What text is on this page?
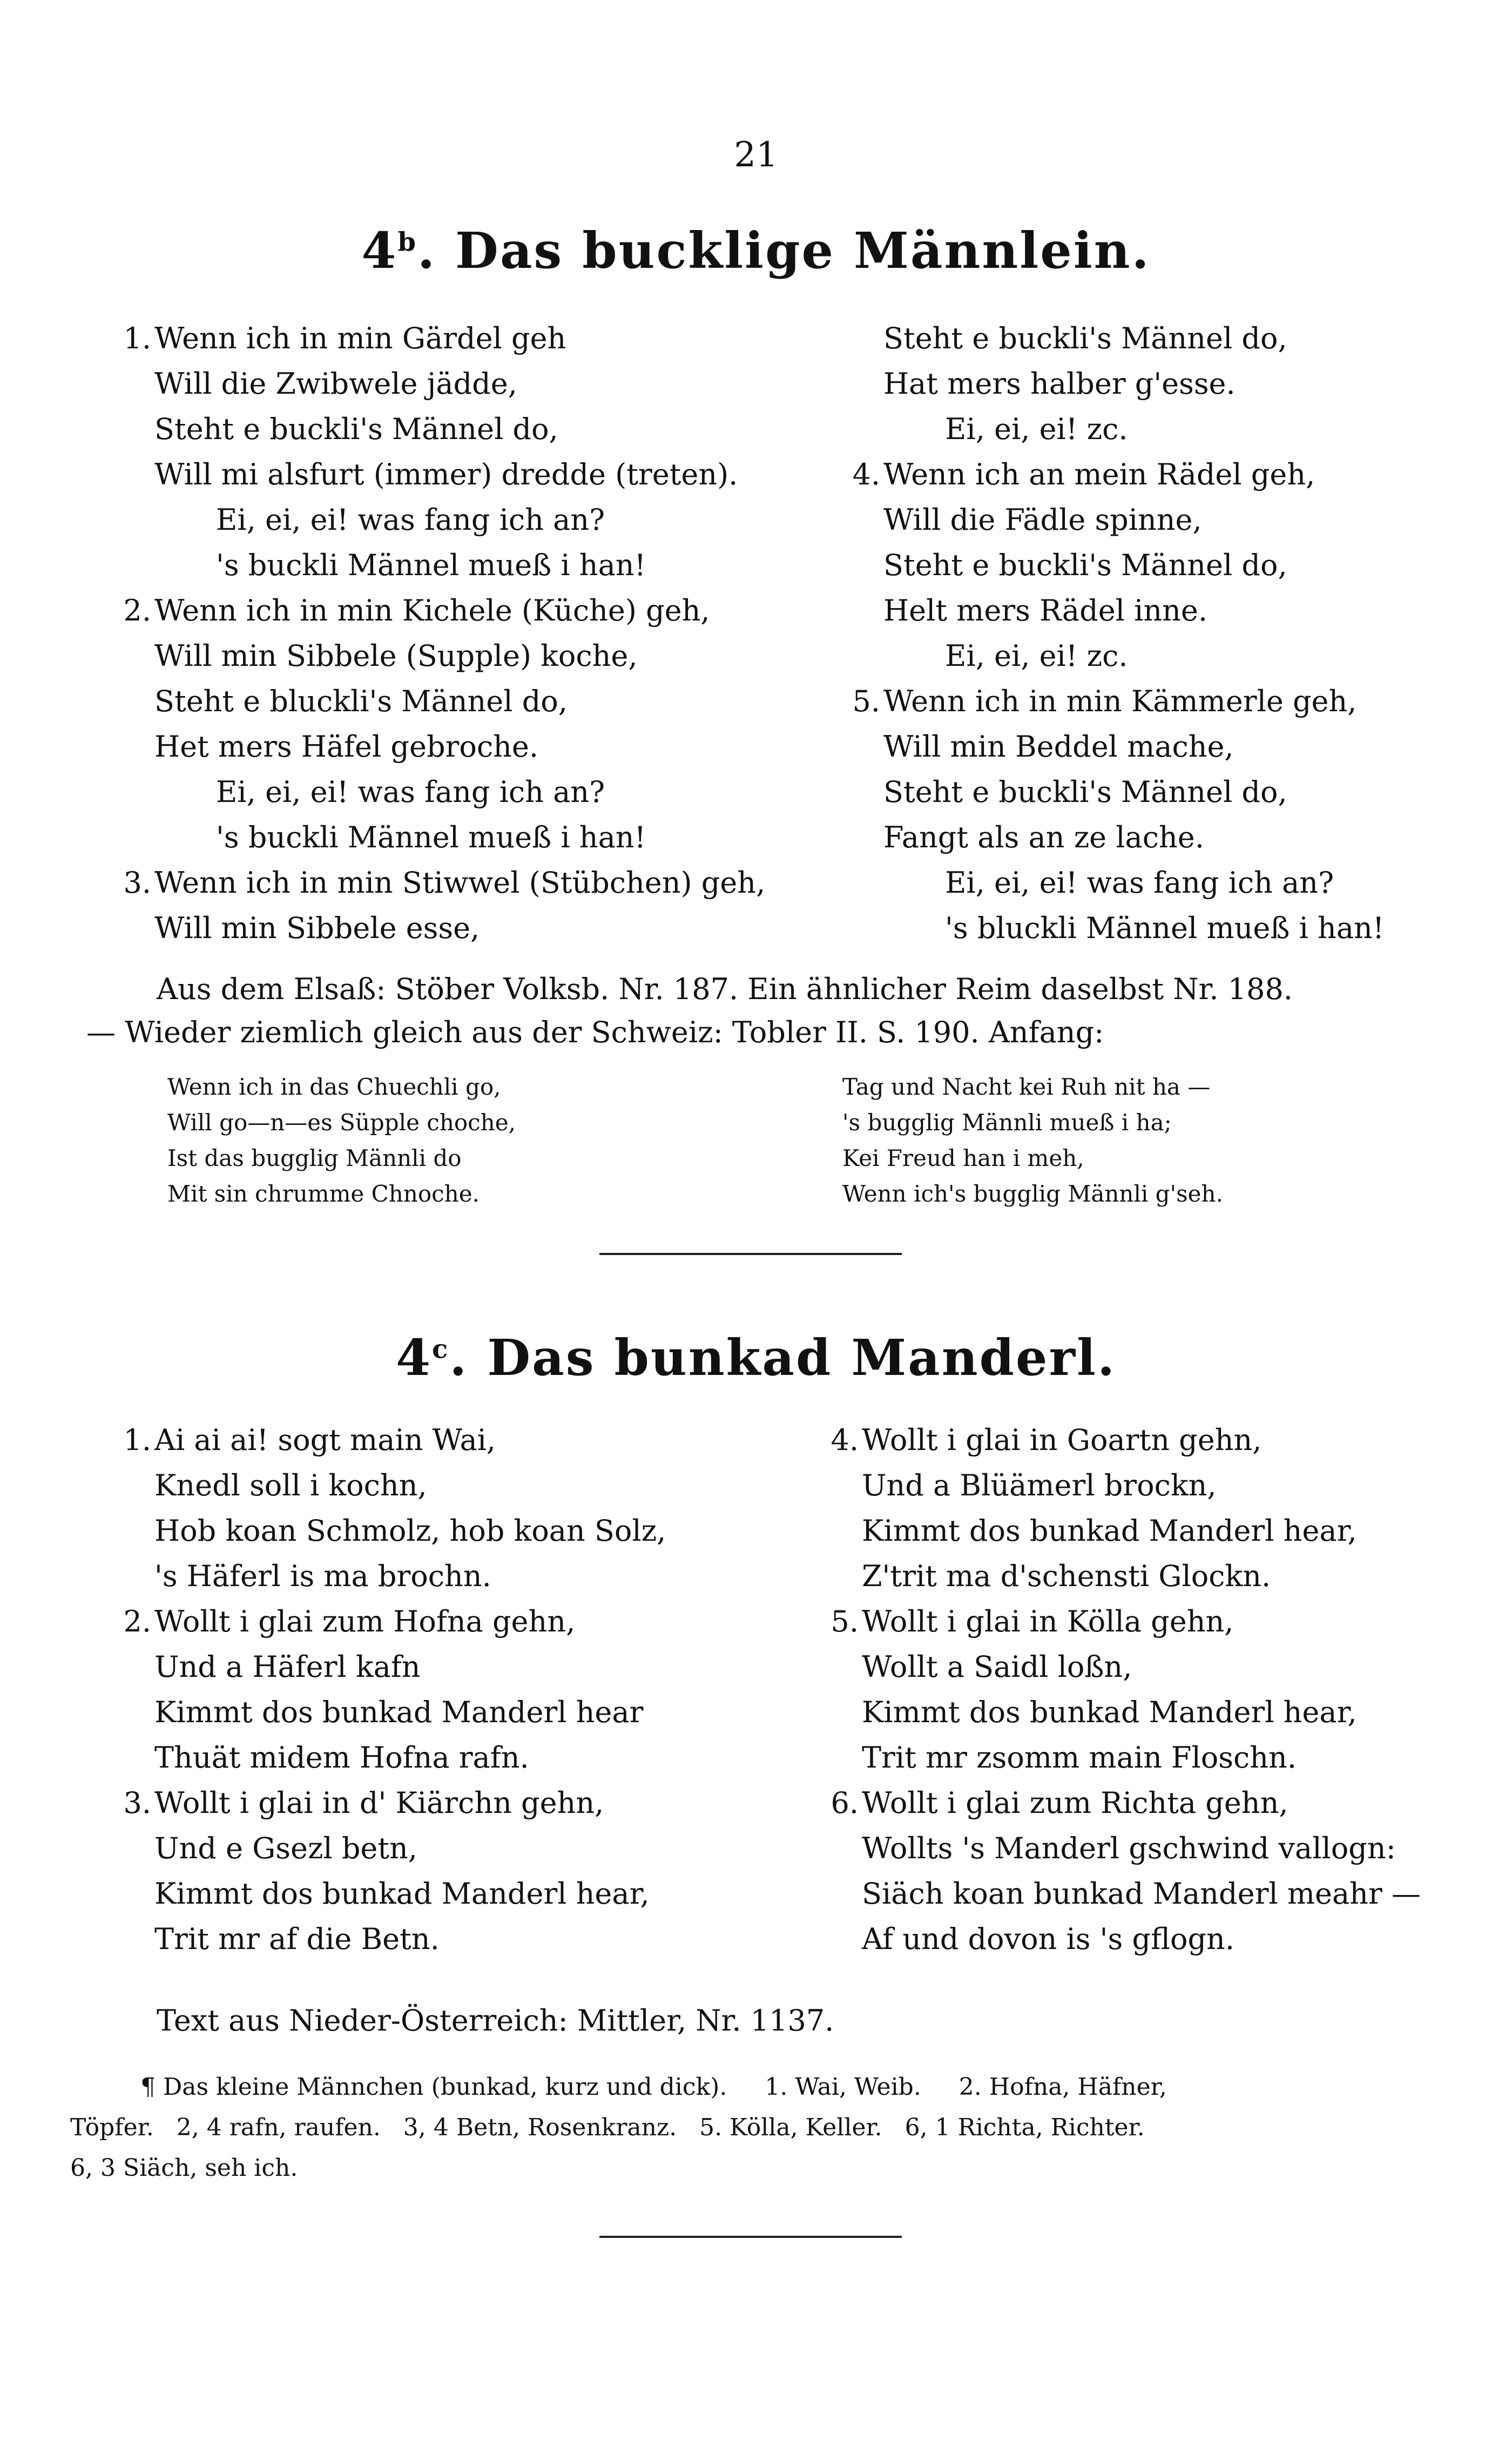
21
4$^b$. Das bucklige Männlein.
1. Wenn ich in min Gärdel geh
Will die Zwibwele jädde,
Steht e buckli's Männel do,
Will mi alsfurt (immer) dredde (treten).
Ei, ei, ei! was fang ich an?
's buckli Männel mueß i han!
2. Wenn ich in min Kichele (Küche) geh,
Will min Sibbele (Supple) koche,
Steht e bluckli's Männel do,
Het mers Häfel gebroche.
Ei, ei, ei! was fang ich an?
's buckli Männel mueß i han!
3. Wenn ich in min Stiwwel (Stübchen) geh,
Will min Sibbele esse,
Steht e buckli's Männel do,
Hat mers halber g'esse.
Ei, ei, ei! zc.
4. Wenn ich an mein Rädel geh,
Will die Fädle spinne,
Steht e buckli's Männel do,
Helt mers Rädel inne.
Ei, ei, ei! zc.
5. Wenn ich in min Kämmerle geh,
Will min Beddel mache,
Steht e buckli's Männel do,
Fangt als an ze lache.
Ei, ei, ei! was fang ich an?
's bluckli Männel mueß i han!
Aus dem Elsaß: Stöber Volksb. Nr. 187. Ein ähnlicher Reim daselbst Nr. 188.
— Wieder ziemlich gleich aus der Schweiz: Tobler II. S. 190. Anfang:
Wenn ich in das Chuechli go,
Will go—n—es Süpple choche,
Ist das bugglig Männli do
Mit sin chrumme Chnoche.
Tag und Nacht kei Ruh nit ha —
's bugglig Männli mueß i ha;
Kei Freud han i meh,
Wenn ich's bugglig Männli g'seh.
4$^c$. Das bunkad Manderl.
1. Ai ai ai! sogt main Wai,
Knedl soll i kochn,
Hob koan Schmolz, hob koan Solz,
's Häferl is ma brochn.
2. Wollt i glai zum Hofna gehn,
Und a Häferl kafn
Kimmt dos bunkad Manderl hear
Thuät midem Hofna rafn.
3. Wollt i glai in d' Kiärchn gehn,
Und e Gsezl betn,
Kimmt dos bunkad Manderl hear,
Trit mr af die Betn.
4. Wollt i glai in Goartn gehn,
Und a Blüämerl brockn,
Kimmt dos bunkad Manderl hear,
Z'trit ma d'schensti Glockn.
5. Wollt i glai in Kölla gehn,
Wollt a Saidl loßn,
Kimmt dos bunkad Manderl hear,
Trit mr zsomm main Floschn.
6. Wollt i glai zum Richta gehn,
Wollts 's Manderl gschwind vallogn:
Siäch koan bunkad Manderl meahr —
Af und dovon is 's gflogn.
Text aus Nieder-Österreich: Mittler, Nr. 1137.
¶ Das kleine Männchen (bunkad, kurz und dick).     1. Wai, Weib.     2. Hofna, Häfner,
Töpfer.   2, 4 rafn, raufen.   3, 4 Betn, Rosenkranz.   5. Kölla, Keller.   6, 1 Richta, Richter.
6, 3 Siäch, seh ich.
